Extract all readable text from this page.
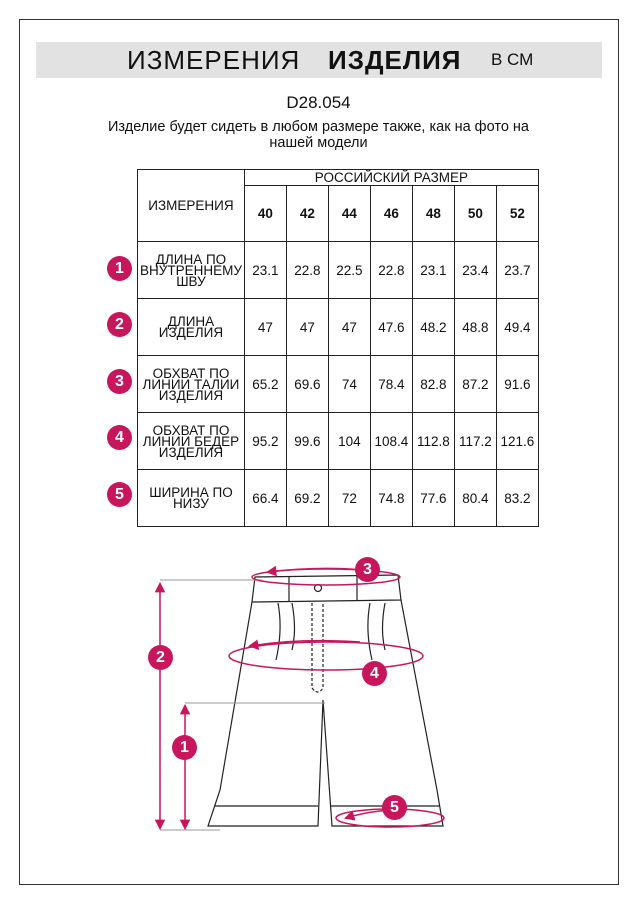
ИЗМЕРЕНИЯ ИЗДЕЛИЯ В СМ
D28.054
Изделие будет сидеть в любом размере также, как на фото на нашей модели
ИЗМЕРЕНИЯ	РОССИЙСКИЙ РАЗМЕР						
	40	42	44	46	48	50	52
ДЛИНА ПО ВНУТРЕННЕМУ ШВУ	23.1	22.8	22.5	22.8	23.1	23.4	23.7
ДЛИНА ИЗДЕЛИЯ	47	47	47	47.6	48.2	48.8	49.4
ОБХВАТ ПО ЛИНИИ ТАЛИИ ИЗДЕЛИЯ	65.2	69.6	74	78.4	82.8	87.2	91.6
ОБХВАТ ПО ЛИНИИ БЕДЕР ИЗДЕЛИЯ	95.2	99.6	104	108.4	112.8	117.2	121.6
ШИРИНА ПО НИЗУ	66.4	69.2	72	74.8	77.6	80.4	83.2
1
2
3
4
5
1
2
3
4
5
